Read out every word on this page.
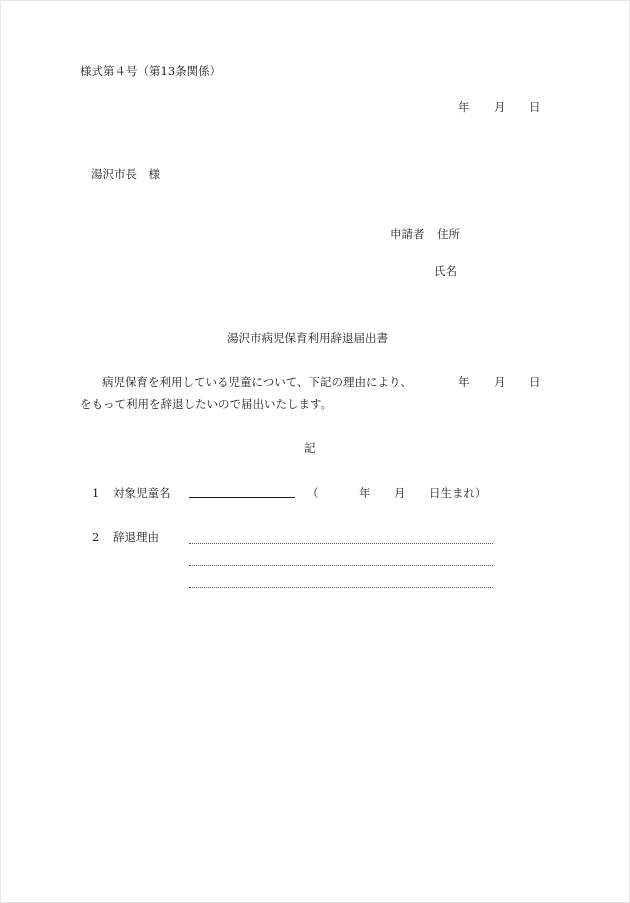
様式第４号（第13条関係）
年 月 日
湯沢市長　様
申請者 住所
氏名
湯沢市病児保育利用辞退届出書
病児保育を利用している児童について、下記の理由により、	年 月 日
をもって利用を辞退したいので届出いたします。
記
1 対象児童名	（	年 月 日生まれ）
2 辞退理由
